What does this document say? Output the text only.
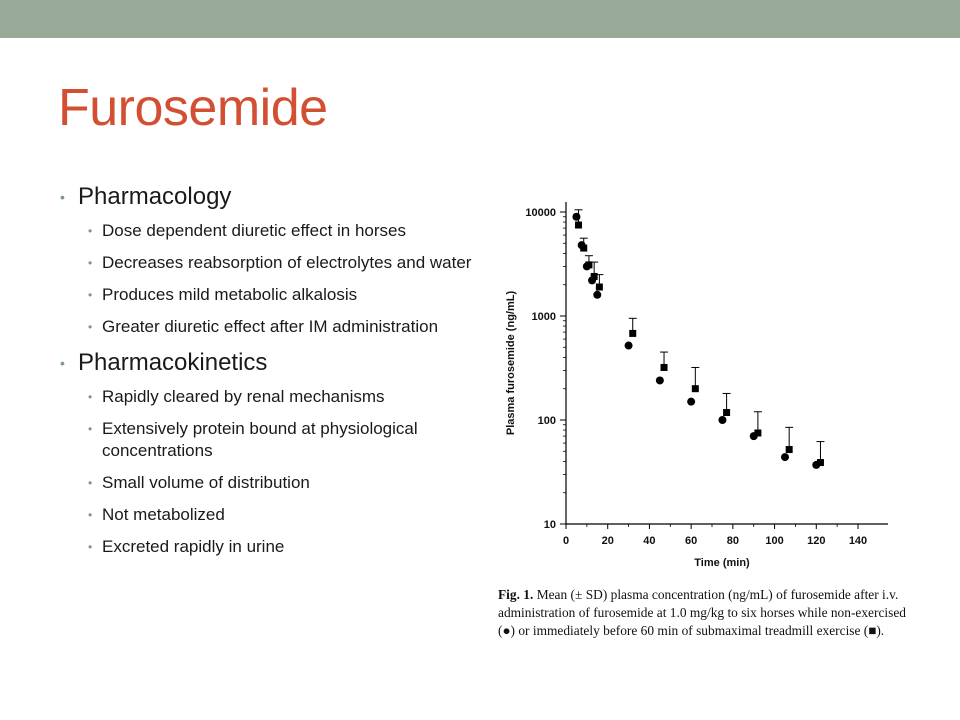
Furosemide
• Pharmacology
• Dose dependent diuretic effect in horses
• Decreases reabsorption of electrolytes and water
• Produces mild metabolic alkalosis
• Greater diuretic effect after IM administration
• Pharmacokinetics
• Rapidly cleared by renal mechanisms
• Extensively protein bound at physiological concentrations
• Small volume of distribution
• Not metabolized
• Excreted rapidly in urine
10
100
1000
10000
0	20	40	60	80 100 120 140
Time (min)
Plasma furosemide (ng/mL)
Fig. 1. Mean (± SD) plasma concentration (ng/mL) of furosemide after i.v. administration of furosemide at 1.0 mg/kg to six horses while non-exercised (●) or immediately before 60 min of submaximal treadmill exercise (■).
